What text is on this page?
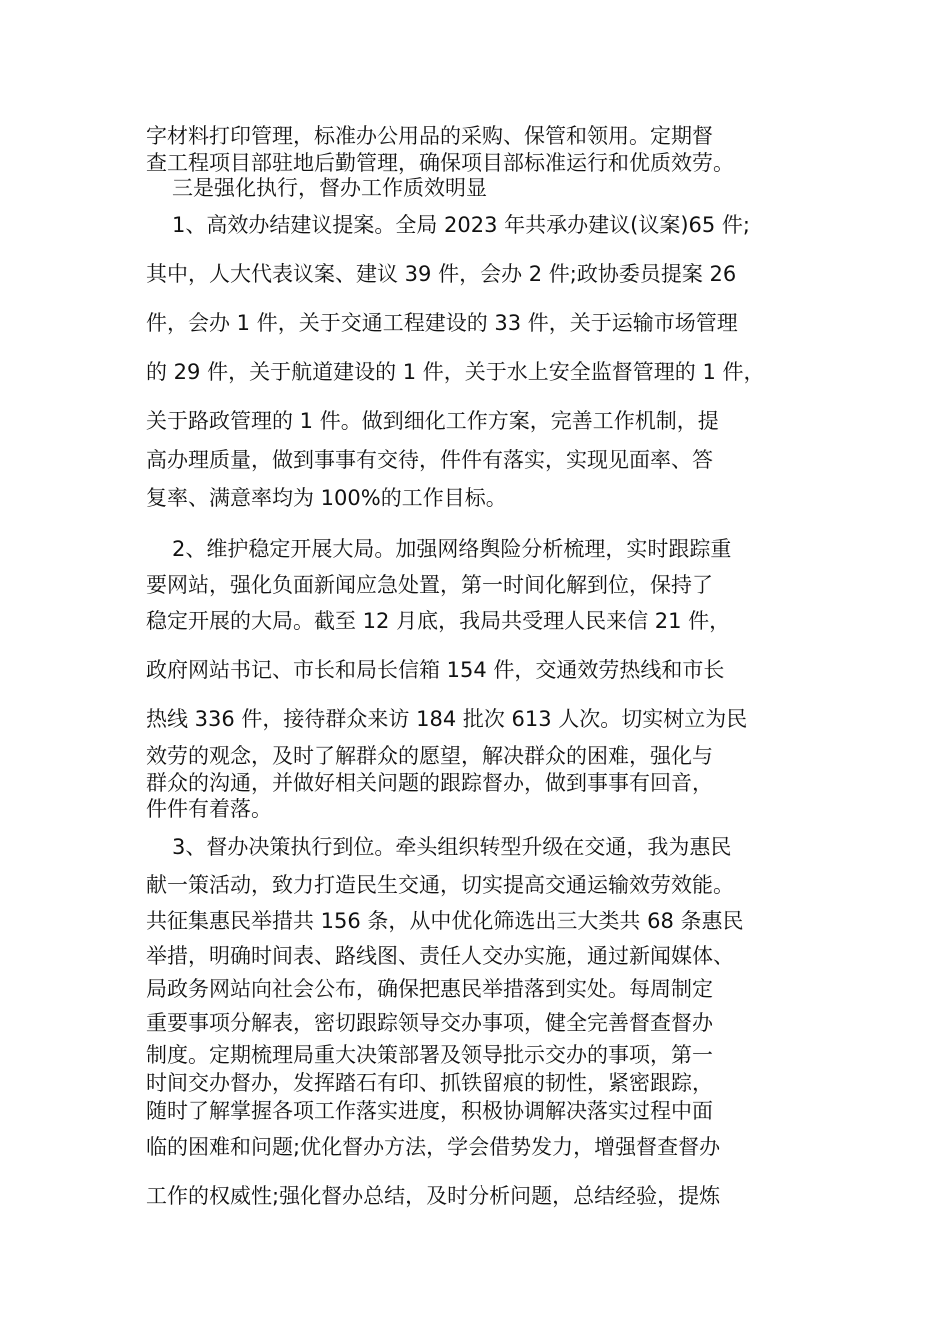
字材料打印管理，标准办公用品的采购、保管和领用。定期督
查工程项目部驻地后勤管理，确保项目部标准运行和优质效劳。
三是强化执行，督办工作质效明显
1、高效办结建议提案。全局 2023 年共承办建议(议案)65 件;
其中，人大代表议案、建议 39 件，会办 2 件;政协委员提案 26
件，会办 1 件，关于交通工程建设的 33 件，关于运输市场管理
的 29 件，关于航道建设的 1 件，关于水上安全监督管理的 1 件，
关于路政管理的 1 件。做到细化工作方案，完善工作机制，提
高办理质量，做到事事有交待，件件有落实，实现见面率、答
复率、满意率均为 100%的工作目标。
2、维护稳定开展大局。加强网络舆险分析梳理，实时跟踪重
要网站，强化负面新闻应急处置，第一时间化解到位，保持了
稳定开展的大局。截至 12 月底，我局共受理人民来信 21 件，
政府网站书记、市长和局长信箱 154 件，交通效劳热线和市长
热线 336 件，接待群众来访 184 批次 613 人次。切实树立为民
效劳的观念，及时了解群众的愿望，解决群众的困难，强化与
群众的沟通，并做好相关问题的跟踪督办，做到事事有回音，
件件有着落。
3、督办决策执行到位。牵头组织转型升级在交通，我为惠民
献一策活动，致力打造民生交通，切实提高交通运输效劳效能。
共征集惠民举措共 156 条，从中优化筛选出三大类共 68 条惠民
举措，明确时间表、路线图、责任人交办实施，通过新闻媒体、
局政务网站向社会公布，确保把惠民举措落到实处。每周制定
重要事项分解表，密切跟踪领导交办事项，健全完善督查督办
制度。定期梳理局重大决策部署及领导批示交办的事项，第一
时间交办督办，发挥踏石有印、抓铁留痕的韧性，紧密跟踪，
随时了解掌握各项工作落实进度，积极协调解决落实过程中面
临的困难和问题;优化督办方法，学会借势发力，增强督查督办
工作的权威性;强化督办总结，及时分析问题，总结经验，提炼
